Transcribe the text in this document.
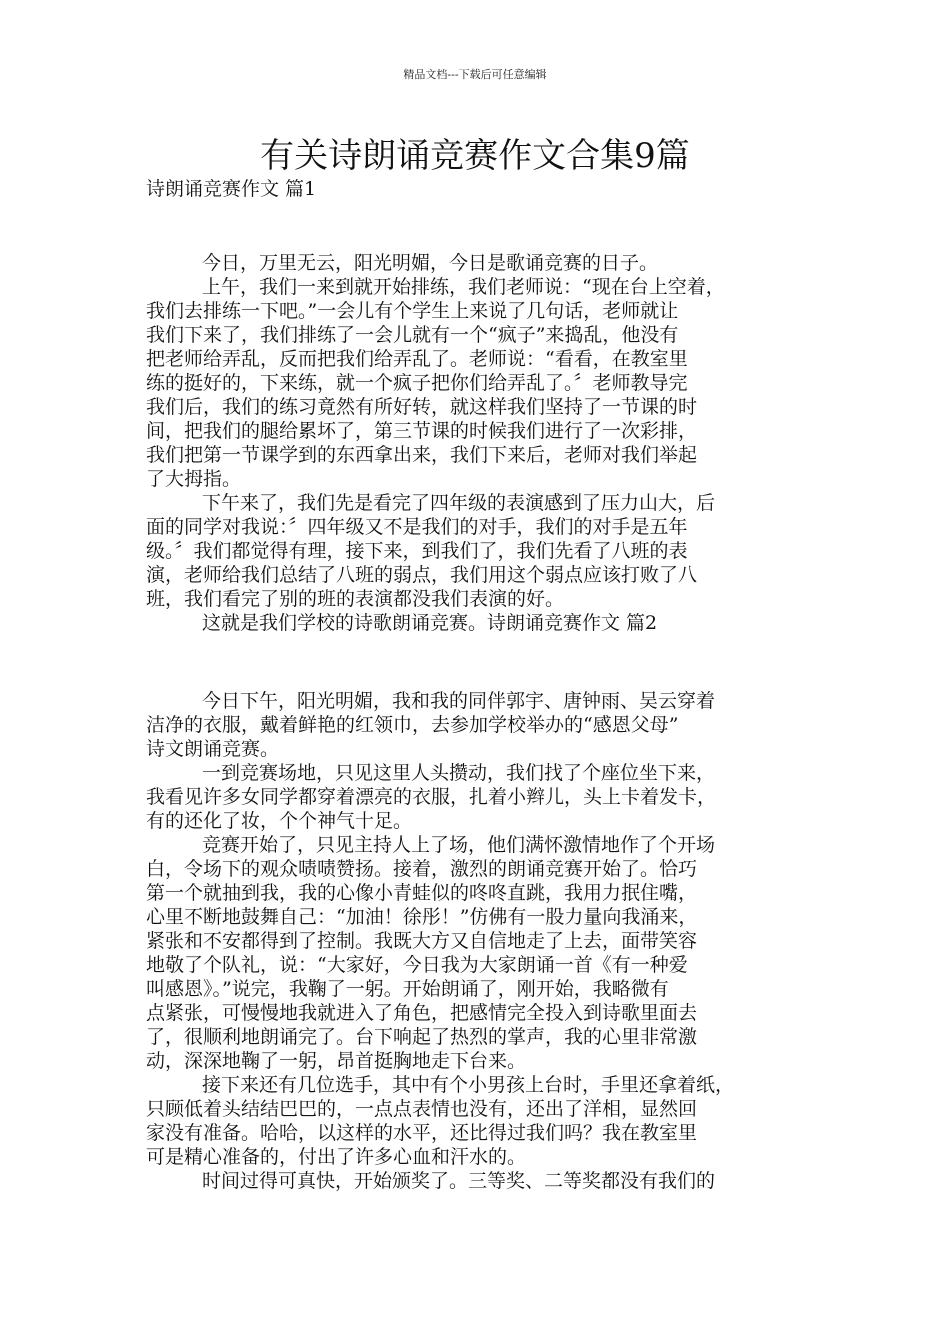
精品文档---下载后可任意编辑
有关诗朗诵竞赛作文合集9篇
诗朗诵竞赛作文 篇1
今日，万里无云，阳光明媚，今日是歌诵竞赛的日子。
上午，我们一来到就开始排练，我们老师说：“现在台上空着，
我们去排练一下吧。”一会儿有个学生上来说了几句话，老师就让
我们下来了，我们排练了一会儿就有一个“疯子”来捣乱，他没有
把老师给弄乱，反而把我们给弄乱了。老师说：“看看，在教室里
练的挺好的，下来练，就一个疯子把你们给弄乱了。〞老师教导完
我们后，我们的练习竟然有所好转，就这样我们坚持了一节课的时
间，把我们的腿给累坏了，第三节课的时候我们进行了一次彩排，
我们把第一节课学到的东西拿出来，我们下来后，老师对我们举起
了大拇指。
下午来了，我们先是看完了四年级的表演感到了压力山大，后
面的同学对我说：〞四年级又不是我们的对手，我们的对手是五年
级。〞我们都觉得有理，接下来，到我们了，我们先看了八班的表
演，老师给我们总结了八班的弱点，我们用这个弱点应该打败了八
班，我们看完了别的班的表演都没我们表演的好。
这就是我们学校的诗歌朗诵竞赛。诗朗诵竞赛作文 篇2
今日下午，阳光明媚，我和我的同伴郭宇、唐钟雨、吴云穿着
洁净的衣服，戴着鲜艳的红领巾，去参加学校举办的“感恩父母”
诗文朗诵竞赛。
一到竞赛场地，只见这里人头攒动，我们找了个座位坐下来，
我看见许多女同学都穿着漂亮的衣服，扎着小辫儿，头上卡着发卡，
有的还化了妆，个个神气十足。
竞赛开始了，只见主持人上了场，他们满怀激情地作了个开场
白，令场下的观众啧啧赞扬。接着，激烈的朗诵竞赛开始了。恰巧
第一个就抽到我，我的心像小青蛙似的咚咚直跳，我用力抿住嘴，
心里不断地鼓舞自己：“加油！徐彤！”仿佛有一股力量向我涌来，
紧张和不安都得到了控制。我既大方又自信地走了上去，面带笑容
地敬了个队礼，说：“大家好，今日我为大家朗诵一首《有一种爱
叫感恩》。”说完，我鞠了一躬。开始朗诵了，刚开始，我略微有
点紧张，可慢慢地我就进入了角色，把感情完全投入到诗歌里面去
了，很顺利地朗诵完了。台下响起了热烈的掌声，我的心里非常激
动，深深地鞠了一躬，昂首挺胸地走下台来。
接下来还有几位选手，其中有个小男孩上台时，手里还拿着纸，
只顾低着头结结巴巴的，一点点表情也没有，还出了洋相，显然回
家没有准备。哈哈，以这样的水平，还比得过我们吗？我在教室里
可是精心准备的，付出了许多心血和汗水的。
时间过得可真快，开始颁奖了。三等奖、二等奖都没有我们的
